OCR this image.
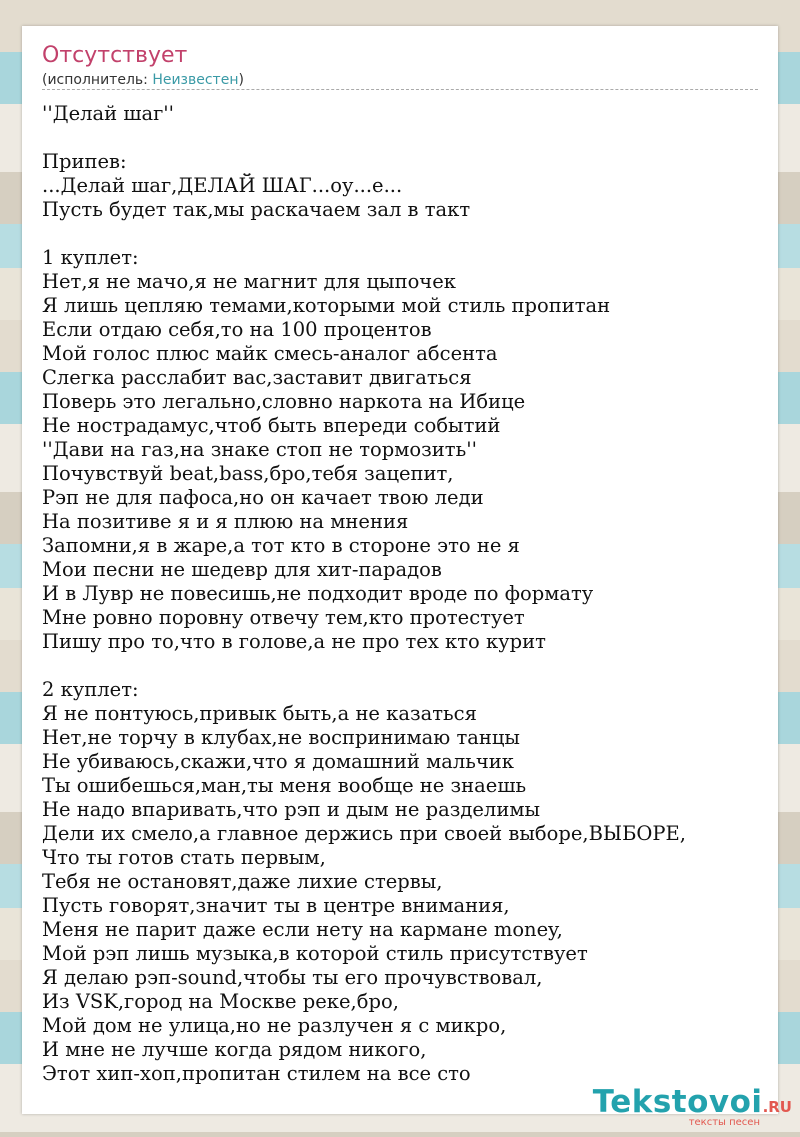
Отсутствует
(исполнитель: Неизвестен)
''Делай шаг''
Припев:
...Делай шаг,ДЕЛАЙ ШАГ...оу...е...
Пусть будет так,мы раскачаем зал в такт
1 куплет:
Нет,я не мачо,я не магнит для цыпочек
Я лишь цепляю темами,которыми мой стиль пропитан
Если отдаю себя,то на 100 процентов
Мой голос плюс майк смесь-аналог абсента
Слегка расслабит вас,заставит двигаться
Поверь это легально,словно наркота на Ибице
Не нострадамус,чтоб быть впереди событий
''Дави на газ,на знаке стоп не тормозить''
Почувствуй beat,bass,бро,тебя зацепит,
Рэп не для пафоса,но он качает твою леди
На позитиве я и я плюю на мнения
Запомни,я в жаре,а тот кто в стороне это не я
Мои песни не шедевр для хит-парадов
И в Лувр не повесишь,не подходит вроде по формату
Мне ровно поровну отвечу тем,кто протестует
Пишу про то,что в голове,а не про тех кто курит
2 куплет:
Я не понтуюсь,привык быть,а не казаться
Нет,не торчу в клубах,не воспринимаю танцы
Не убиваюсь,скажи,что я домашний мальчик
Ты ошибешься,ман,ты меня вообще не знаешь
Не надо впаривать,что рэп и дым не разделимы
Дели их смело,а главное держись при своей выборе,ВЫБОРЕ,
Что ты готов стать первым,
Тебя не остановят,даже лихие стервы,
Пусть говорят,значит ты в центре внимания,
Меня не парит даже если нету на кармане money,
Мой рэп лишь музыка,в которой стиль присутствует
Я делаю рэп-sound,чтобы ты его прочувствовал,
Из VSK,город на Москве реке,бро,
Мой дом не улица,но не разлучен я с микро,
И мне не лучше когда рядом никого,
Этот хип-хоп,пропитан стилем на все сто
Tekstovoi.RU
тексты песен
